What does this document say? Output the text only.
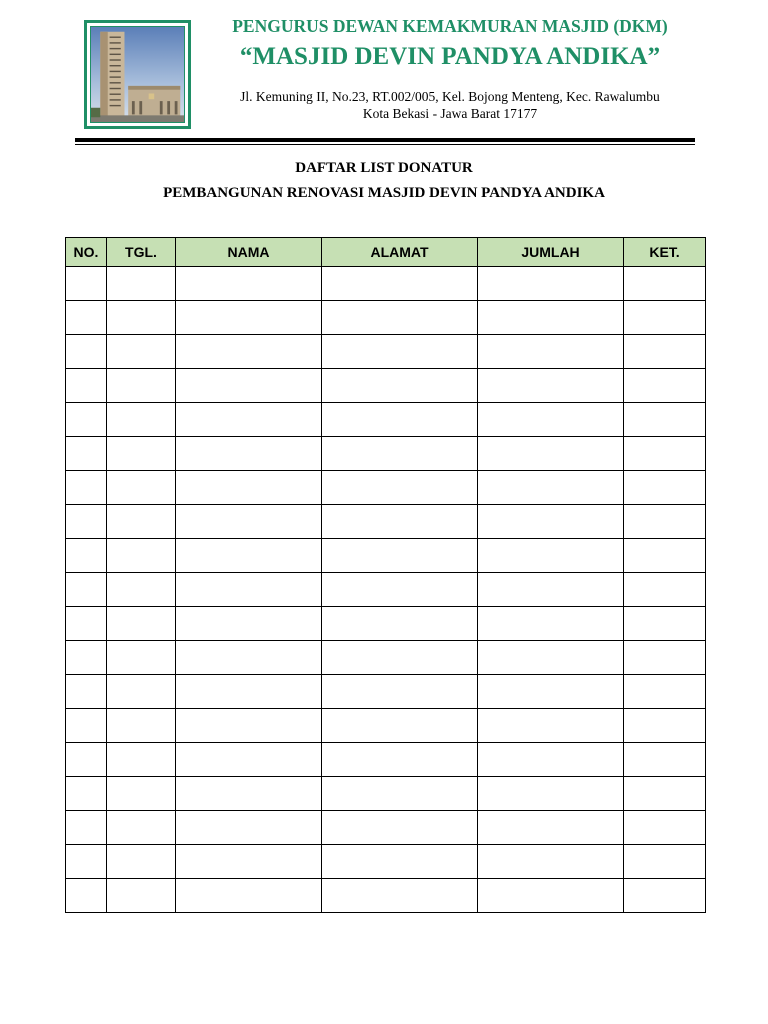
PENGURUS DEWAN KEMAKMURAN MASJID (DKM)
“MASJID DEVIN PANDYA ANDIKA”
Jl. Kemuning II, No.23, RT.002/005, Kel. Bojong Menteng, Kec. Rawalumbu
Kota Bekasi - Jawa Barat 17177
DAFTAR LIST DONATUR
PEMBANGUNAN RENOVASI MASJID DEVIN PANDYA ANDIKA
NO.	TGL.	NAMA	ALAMAT	JUMLAH	KET.
